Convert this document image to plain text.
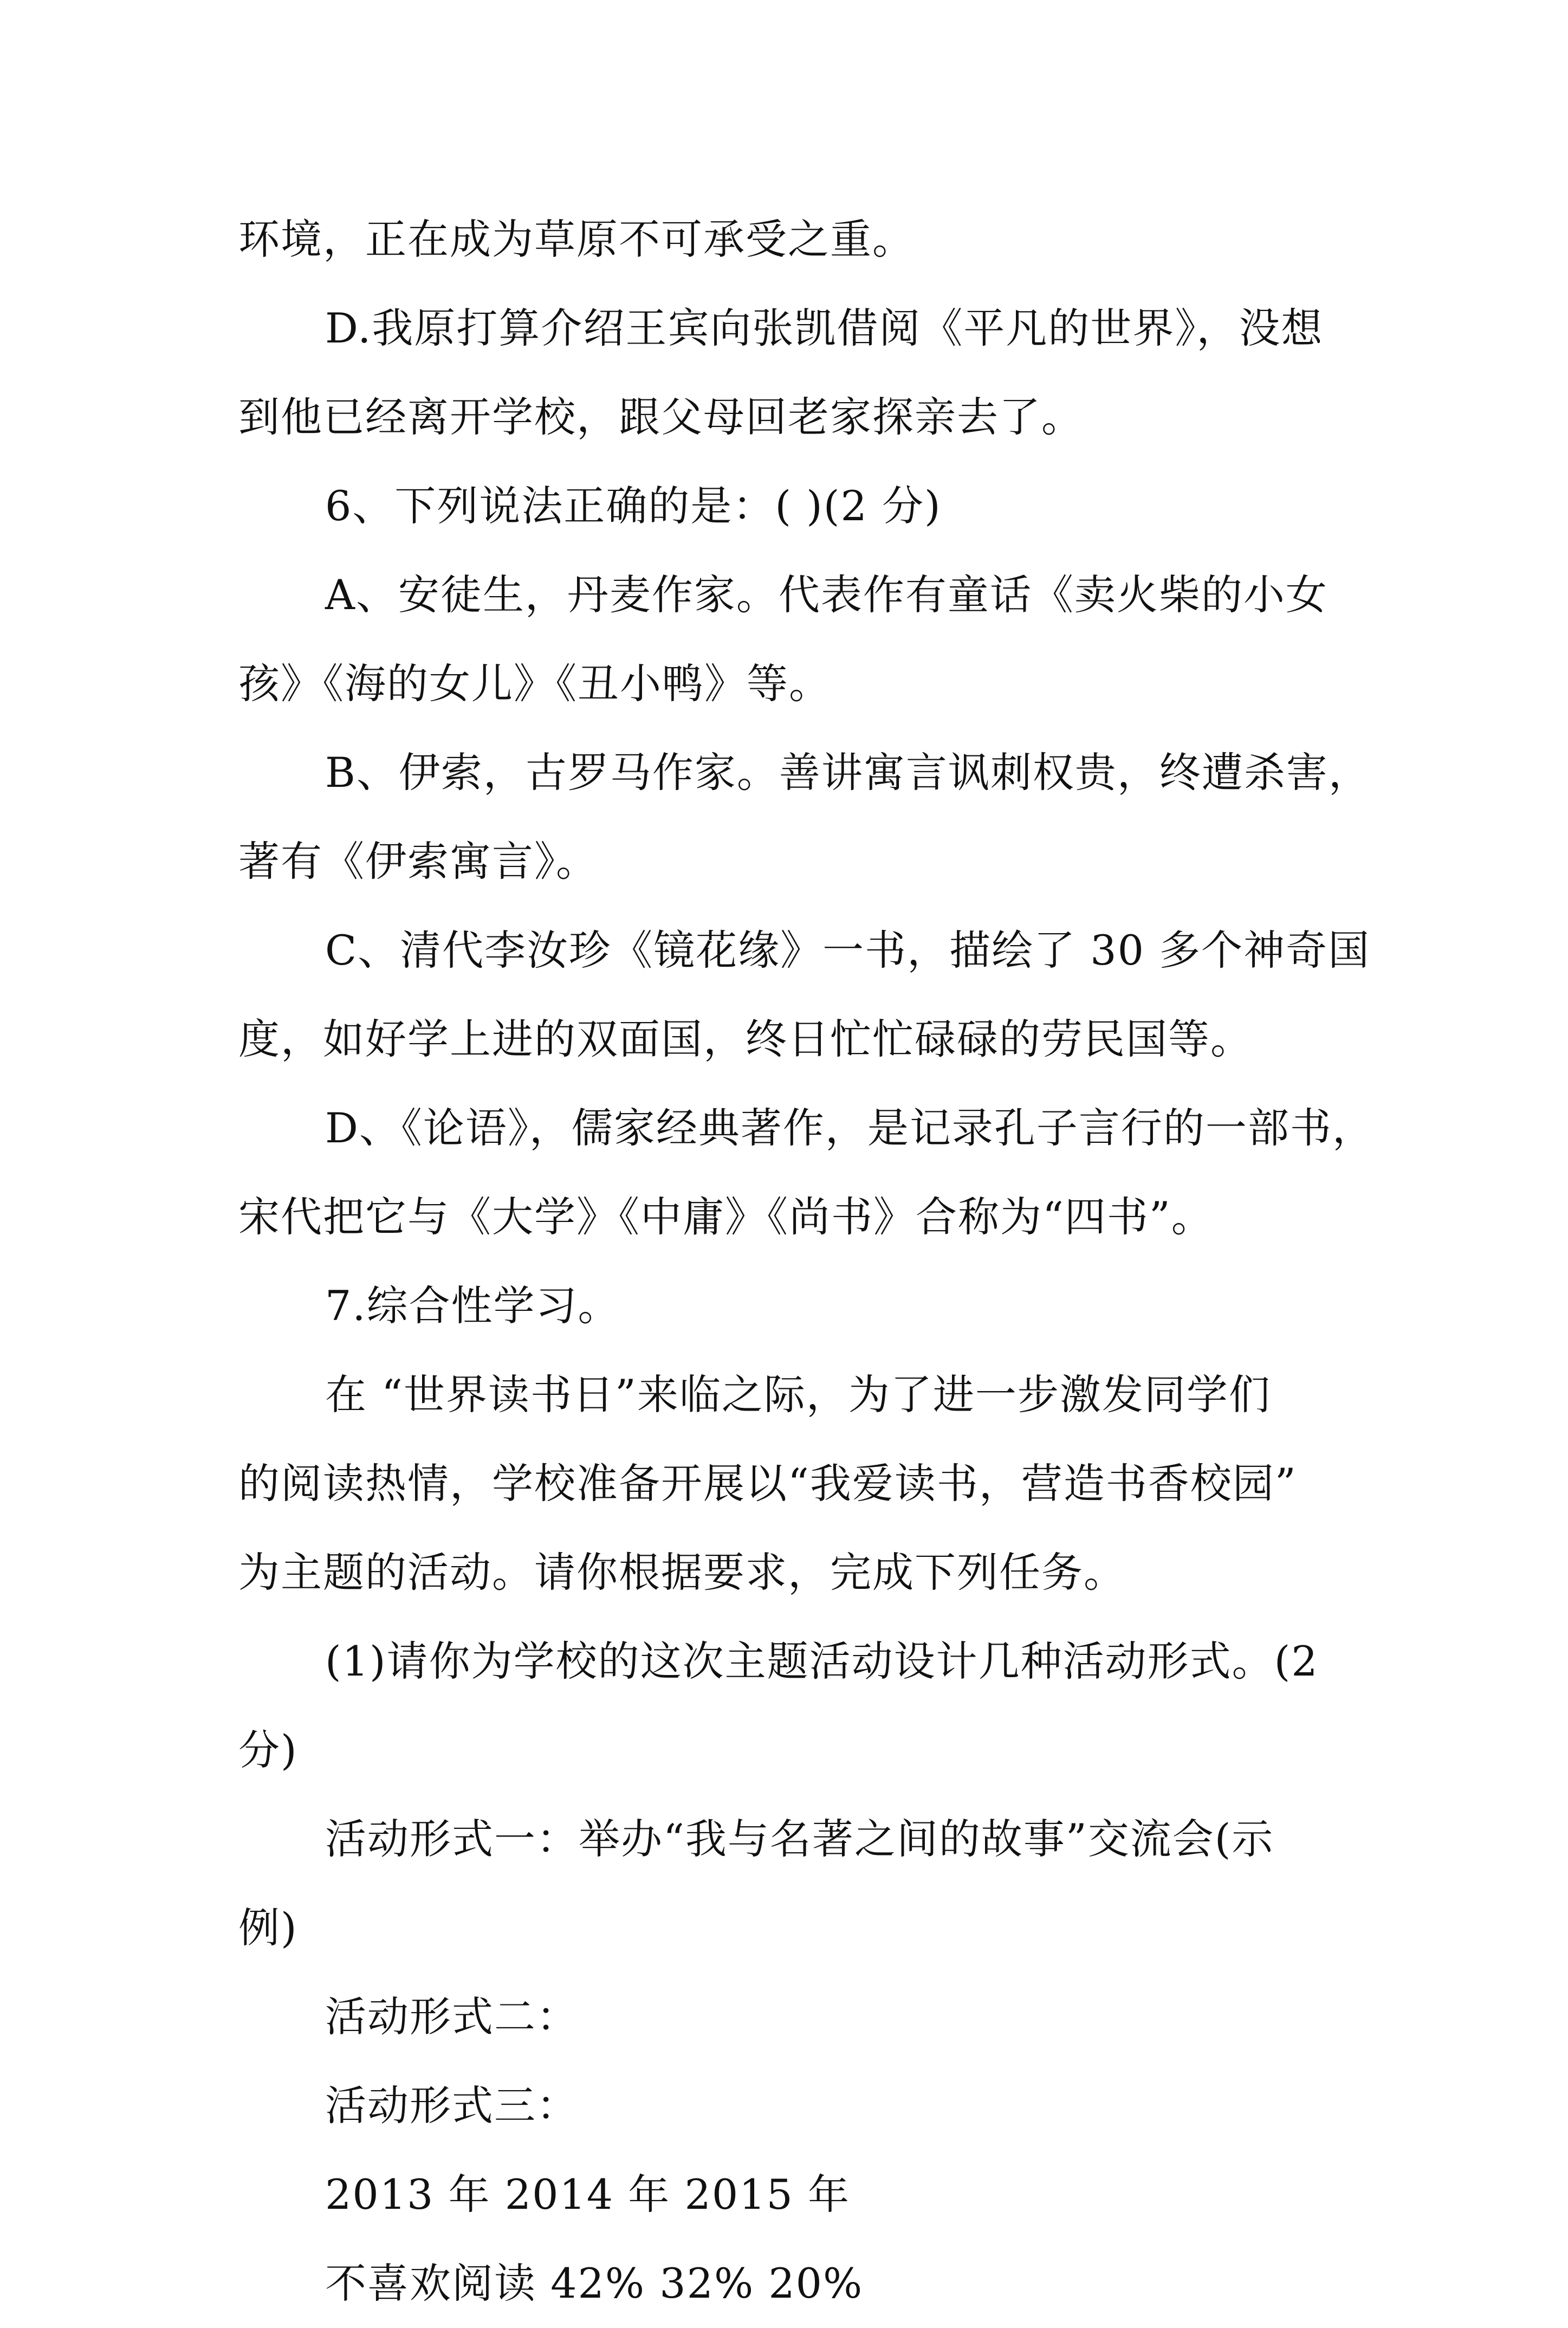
环境，正在成为草原不可承受之重。
D.我原打算介绍王宾向张凯借阅《平凡的世界》，没想
到他已经离开学校，跟父母回老家探亲去了。
6、下列说法正确的是：( )(2 分)
A、安徒生，丹麦作家。代表作有童话《卖火柴的小女
孩》《海的女儿》《丑小鸭》等。
B、伊索，古罗马作家。善讲寓言讽刺权贵，终遭杀害，
著有《伊索寓言》。
C、清代李汝珍《镜花缘》一书，描绘了 30 多个神奇国
度，如好学上进的双面国，终日忙忙碌碌的劳民国等。
D、《论语》，儒家经典著作，是记录孔子言行的一部书，
宋代把它与《大学》《中庸》《尚书》合称为“四书”。
7.综合性学习。
在 “世界读书日”来临之际，为了进一步激发同学们
的阅读热情，学校准备开展以“我爱读书，营造书香校园”
为主题的活动。请你根据要求，完成下列任务。
(1)请你为学校的这次主题活动设计几种活动形式。(2
分)
活动形式一：举办“我与名著之间的故事”交流会(示
例)
活动形式二：
活动形式三：
2013 年 2014 年 2015 年
不喜欢阅读 42% 32% 20%
